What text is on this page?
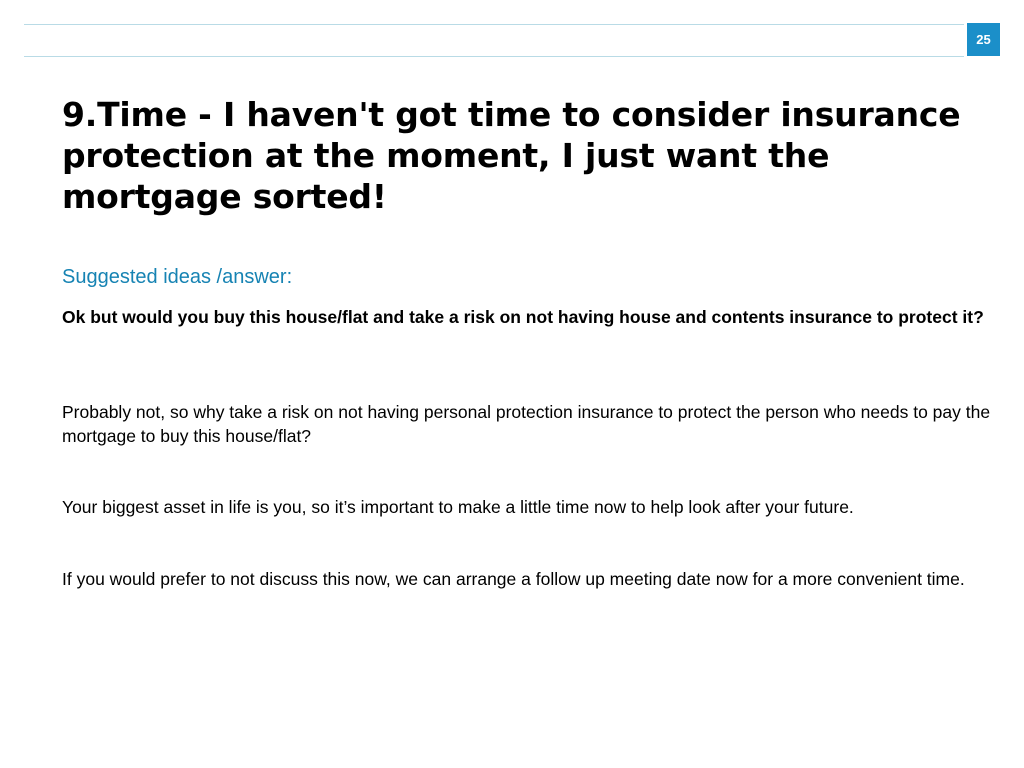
25
9.Time - I haven't got time to consider insurance protection at the moment, I just want the mortgage sorted!

Suggested ideas /answer:

Ok but would you buy this house/flat and take a risk on not having house and contents insurance to protect it?

Probably not, so why take a risk on not having personal protection insurance to protect the person who needs to pay the mortgage to buy this house/flat?

Your biggest asset in life is you, so it’s important to make a little time now to help look after your future.

If you would prefer to not discuss this now, we can arrange a follow up meeting date now for a more convenient time.
